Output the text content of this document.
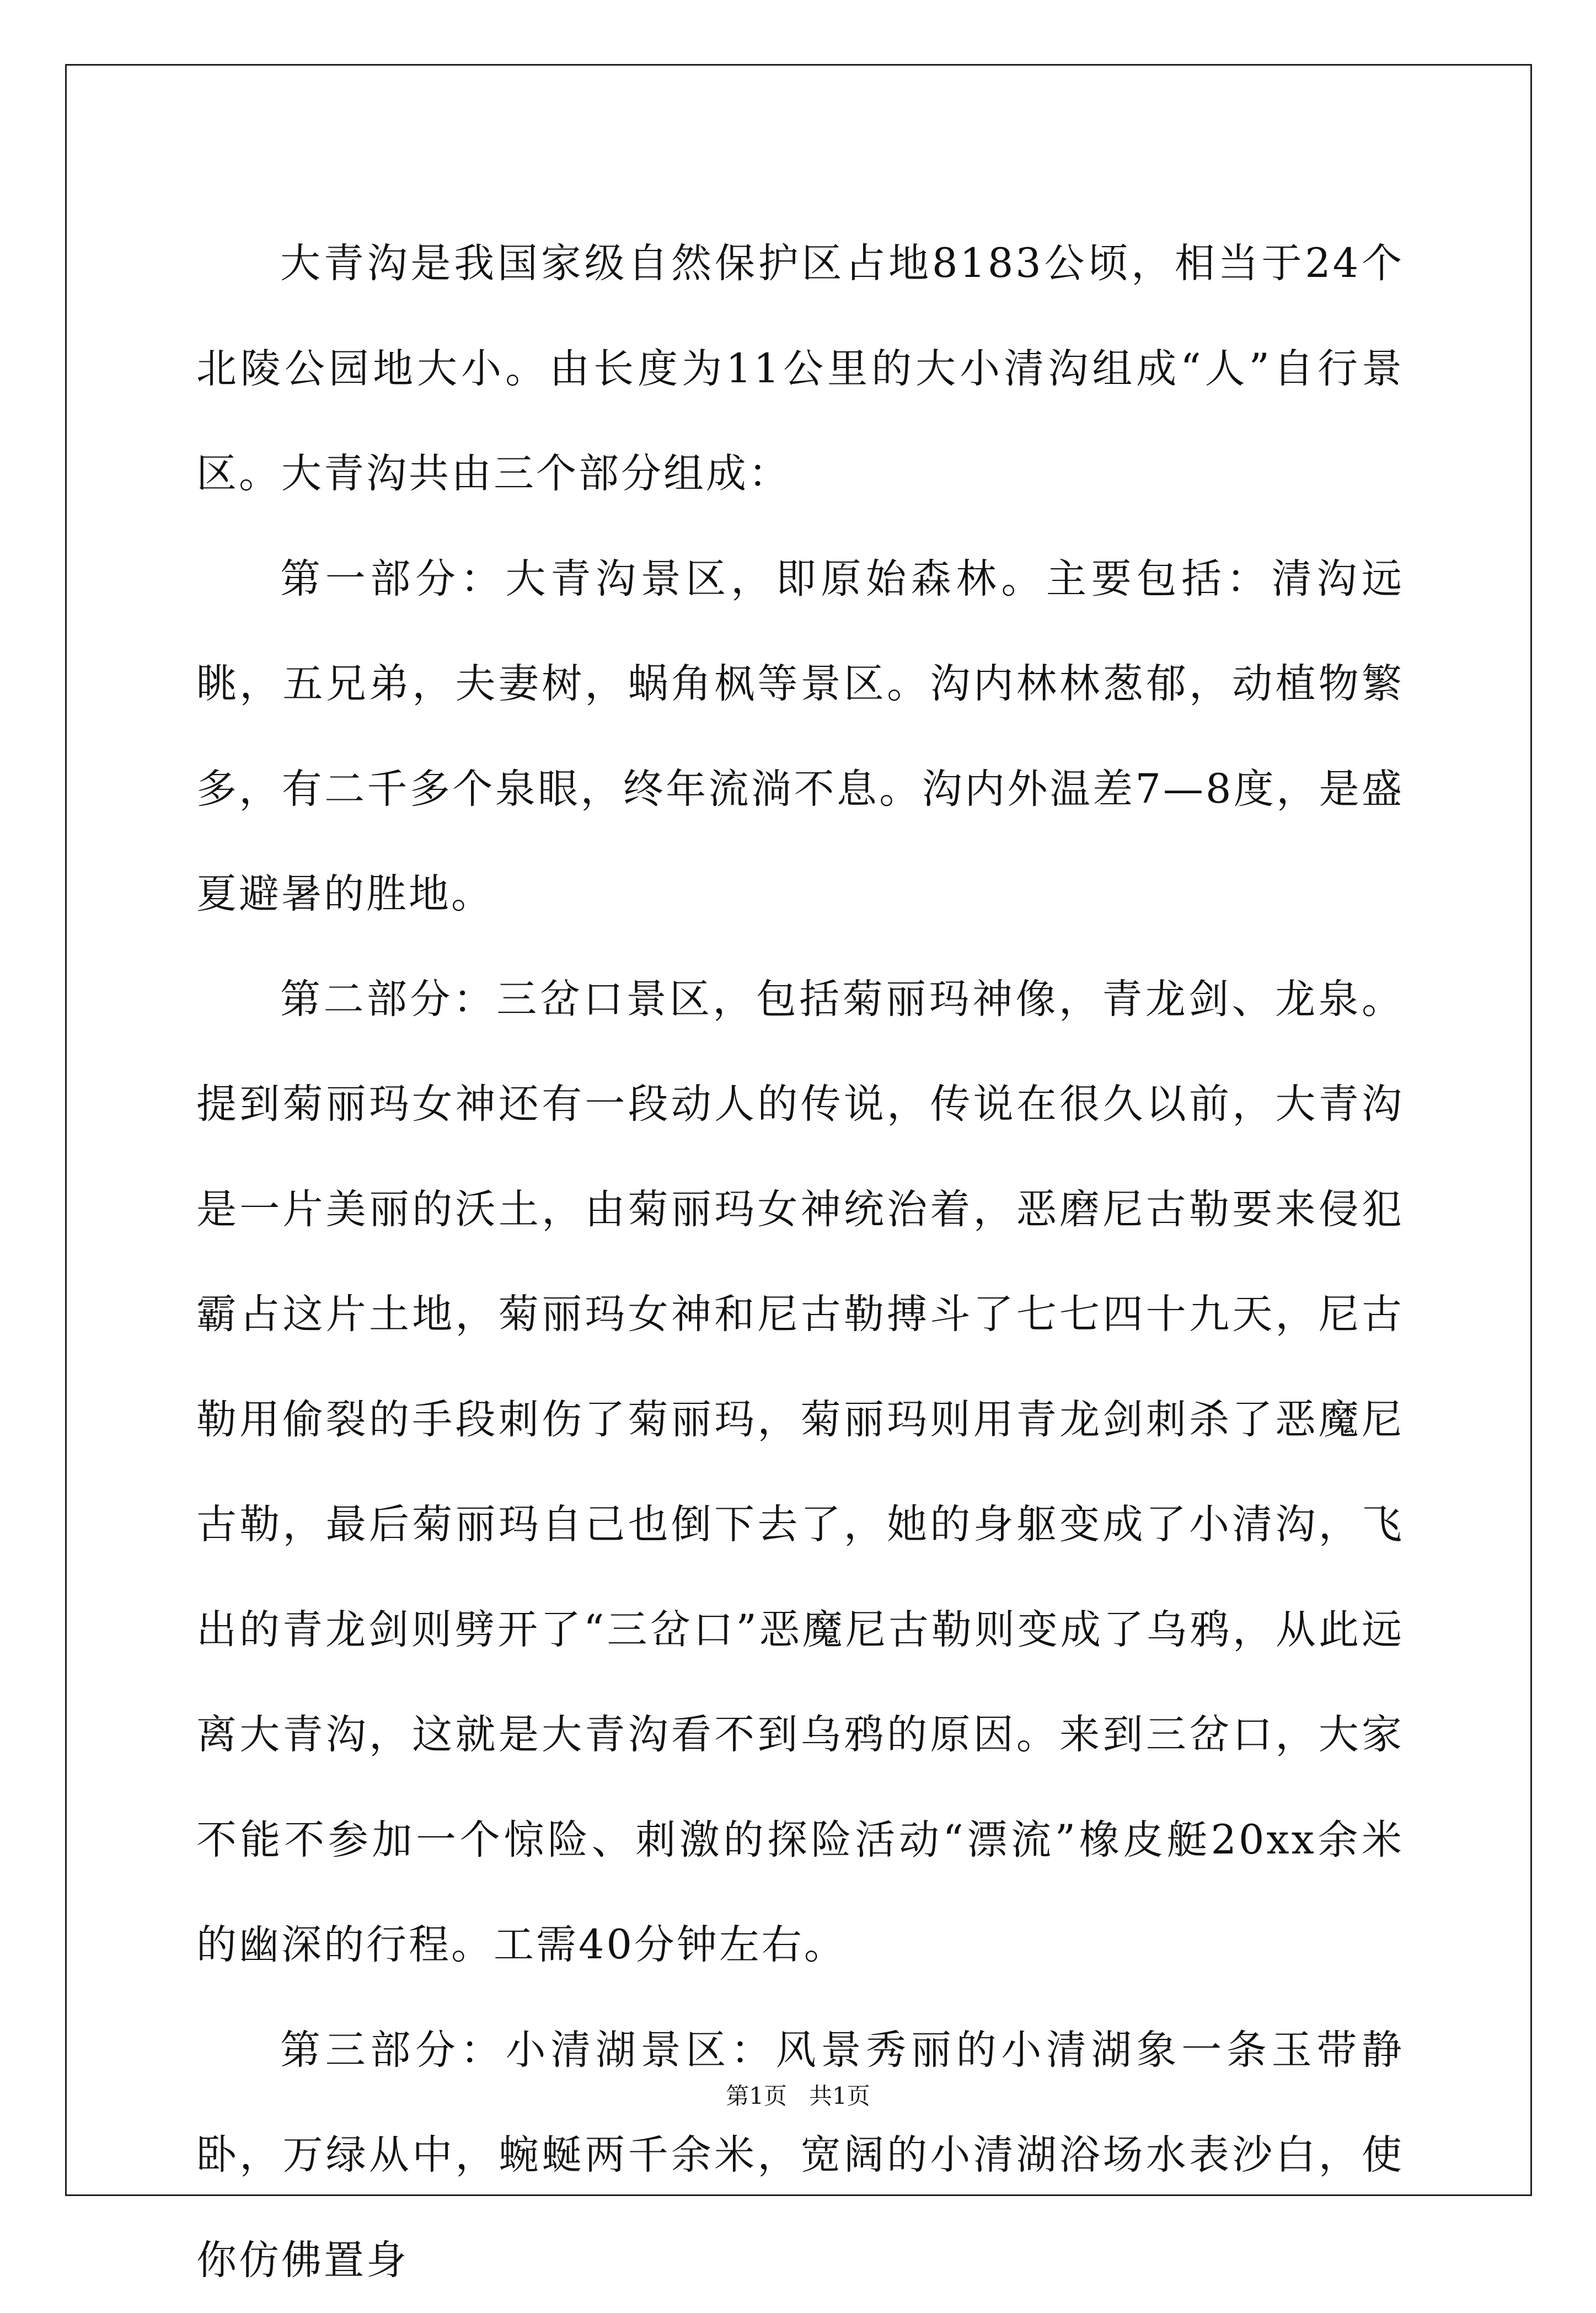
大青沟是我国家级自然保护区占地8183公顷，相当于24个北陵公园地大小。由长度为11公里的大小清沟组成“人”自行景区。大青沟共由三个部分组成：

第一部分：大青沟景区，即原始森林。主要包括：清沟远眺，五兄弟，夫妻树，蜗角枫等景区。沟内林林葱郁，动植物繁多，有二千多个泉眼，终年流淌不息。沟内外温差7—8度，是盛夏避暑的胜地。

第二部分：三岔口景区，包括菊丽玛神像，青龙剑、龙泉。提到菊丽玛女神还有一段动人的传说，传说在很久以前，大青沟是一片美丽的沃土，由菊丽玛女神统治着，恶磨尼古勒要来侵犯霸占这片土地，菊丽玛女神和尼古勒搏斗了七七四十九天，尼古勒用偷裂的手段刺伤了菊丽玛，菊丽玛则用青龙剑刺杀了恶魔尼古勒，最后菊丽玛自己也倒下去了，她的身躯变成了小清沟，飞出的青龙剑则劈开了“三岔口”恶魔尼古勒则变成了乌鸦，从此远离大青沟，这就是大青沟看不到乌鸦的原因。来到三岔口，大家不能不参加一个惊险、刺激的探险活动“漂流”橡皮艇20xx余米的幽深的行程。工需40分钟左右。

第三部分：小清湖景区：风景秀丽的小清湖象一条玉带静卧，万绿从中，蜿蜒两千余米，宽阔的小清湖浴场水表沙白，使你仿佛置身

第1页 共1页
